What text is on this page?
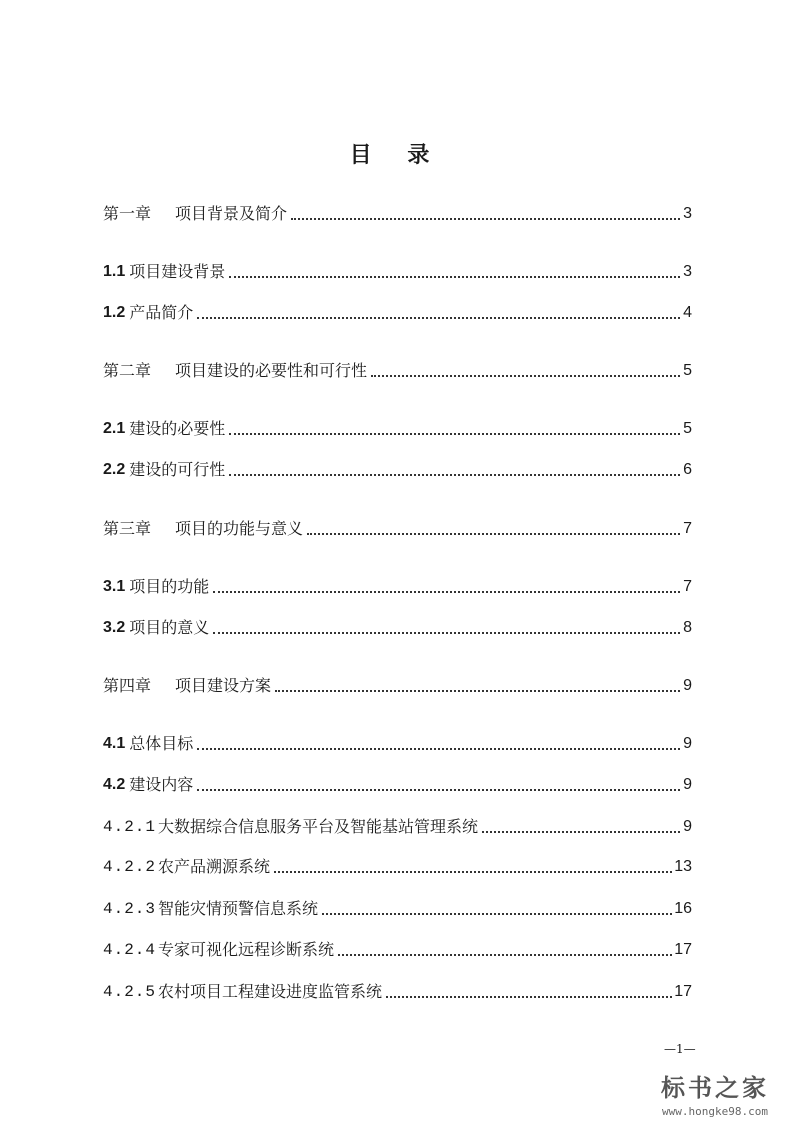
目 录
第一章 项目背景及简介	3
1.1 项目建设背景	3
1.2 产品简介	4
第二章 项目建设的必要性和可行性	5
2.1 建设的必要性	5
2.2 建设的可行性	6
第三章 项目的功能与意义	7
3.1 项目的功能	7
3.2 项目的意义	8
第四章 项目建设方案	9
4.1 总体目标	9
4.2 建设内容	9
4.2.1 大数据综合信息服务平台及智能基站管理系统	9
4.2.2 农产品溯源系统	13
4.2.3 智能灾情预警信息系统	16
4.2.4 专家可视化远程诊断系统	17
4.2.5 农村项目工程建设进度监管系统	17
—1—
标书之家
www.hongke98.com
